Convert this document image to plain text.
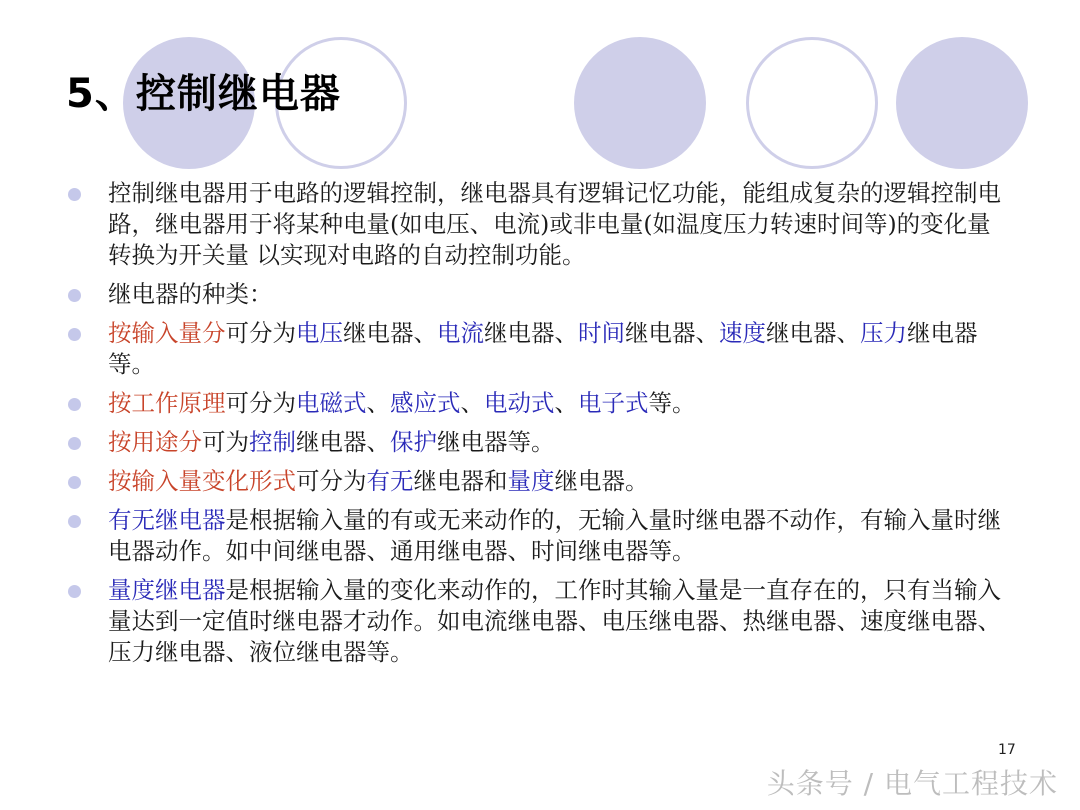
5、控制继电器
控制继电器用于电路的逻辑控制，继电器具有逻辑记忆功能，能组成复杂的逻辑控制电路，继电器用于将某种电量(如电压、电流)或非电量(如温度压力转速时间等)的变化量转换为开关量 以实现对电路的自动控制功能。
继电器的种类：
按输入量分可分为电压继电器、电流继电器、时间继电器、速度继电器、压力继电器等。
按工作原理可分为电磁式、感应式、电动式、电子式等。
按用途分可为控制继电器、保护继电器等。
按输入量变化形式可分为有无继电器和量度继电器。
有无继电器是根据输入量的有或无来动作的，无输入量时继电器不动作，有输入量时继电器动作。如中间继电器、通用继电器、时间继电器等。
量度继电器是根据输入量的变化来动作的，工作时其输入量是一直存在的，只有当输入量达到一定值时继电器才动作。如电流继电器、电压继电器、热继电器、速度继电器、压力继电器、液位继电器等。
17
头条号 / 电气工程技术
